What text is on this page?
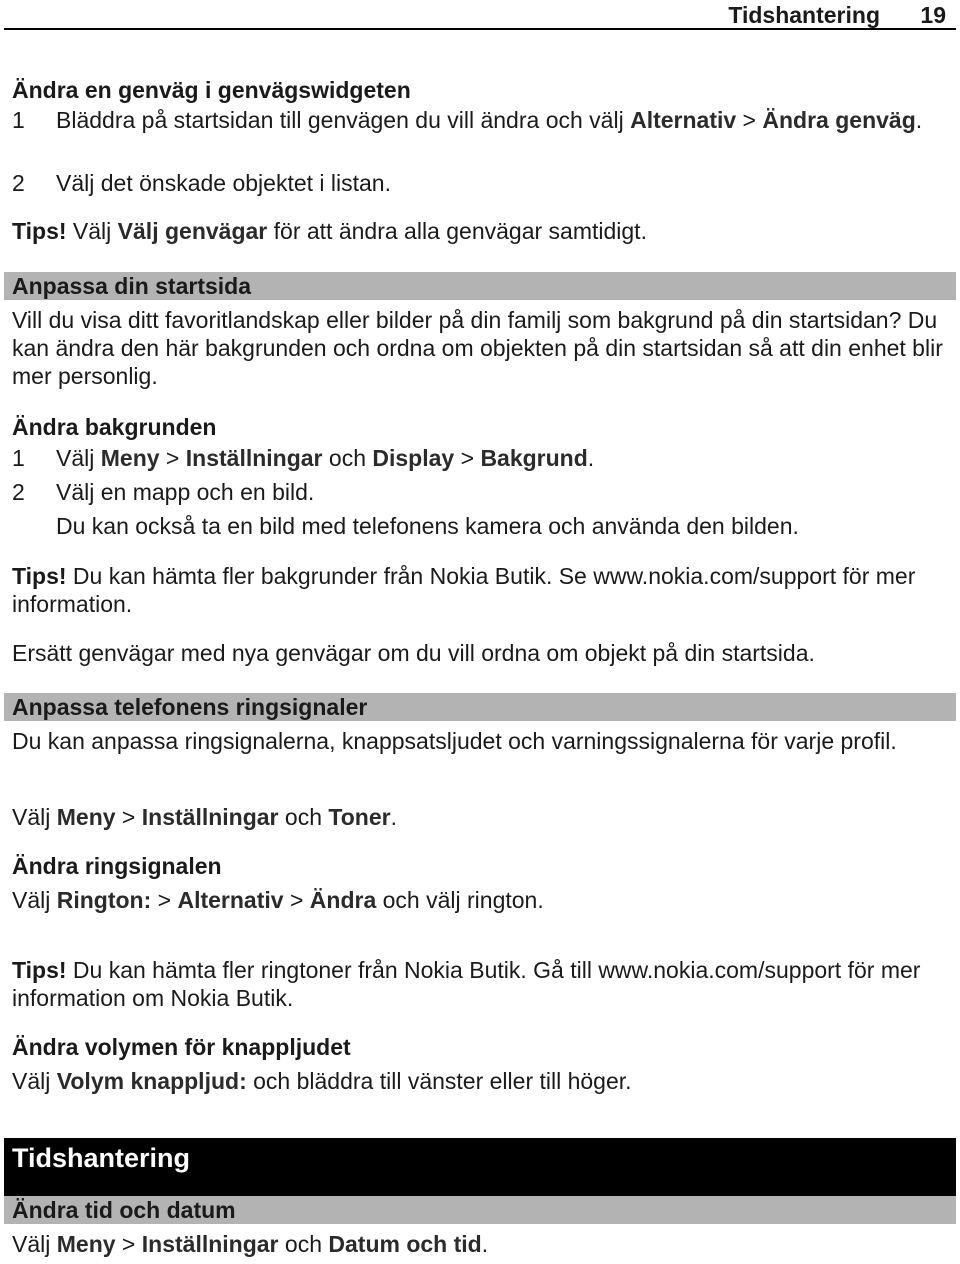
Tidshantering 19
Ändra en genväg i genvägswidgeten
1	Bläddra på startsidan till genvägen du vill ändra och välj Alternativ > Ändra genväg.
2 Välj det önskade objektet i listan.
Tips! Välj Välj genvägar för att ändra alla genvägar samtidigt.
Anpassa din startsida
Vill du visa ditt favoritlandskap eller bilder på din familj som bakgrund på din startsidan? Du kan ändra den här bakgrunden och ordna om objekten på din startsidan så att din enhet blir mer personlig.
Ändra bakgrunden
1 Välj Meny > Inställningar och Display > Bakgrund.
2 Välj en mapp och en bild.
Du kan också ta en bild med telefonens kamera och använda den bilden.
Tips! Du kan hämta fler bakgrunder från Nokia Butik. Se www.nokia.com/support för mer information.
Ersätt genvägar med nya genvägar om du vill ordna om objekt på din startsida.
Anpassa telefonens ringsignaler
Du kan anpassa ringsignalerna, knappsatsljudet och varningssignalerna för varje profil.
Välj Meny > Inställningar och Toner.
Ändra ringsignalen
Välj Rington: > Alternativ > Ändra och välj rington.
Tips! Du kan hämta fler ringtoner från Nokia Butik. Gå till www.nokia.com/support för mer information om Nokia Butik.
Ändra volymen för knappljudet
Välj Volym knappljud: och bläddra till vänster eller till höger.
Tidshantering
Ändra tid och datum
Välj Meny > Inställningar och Datum och tid.
